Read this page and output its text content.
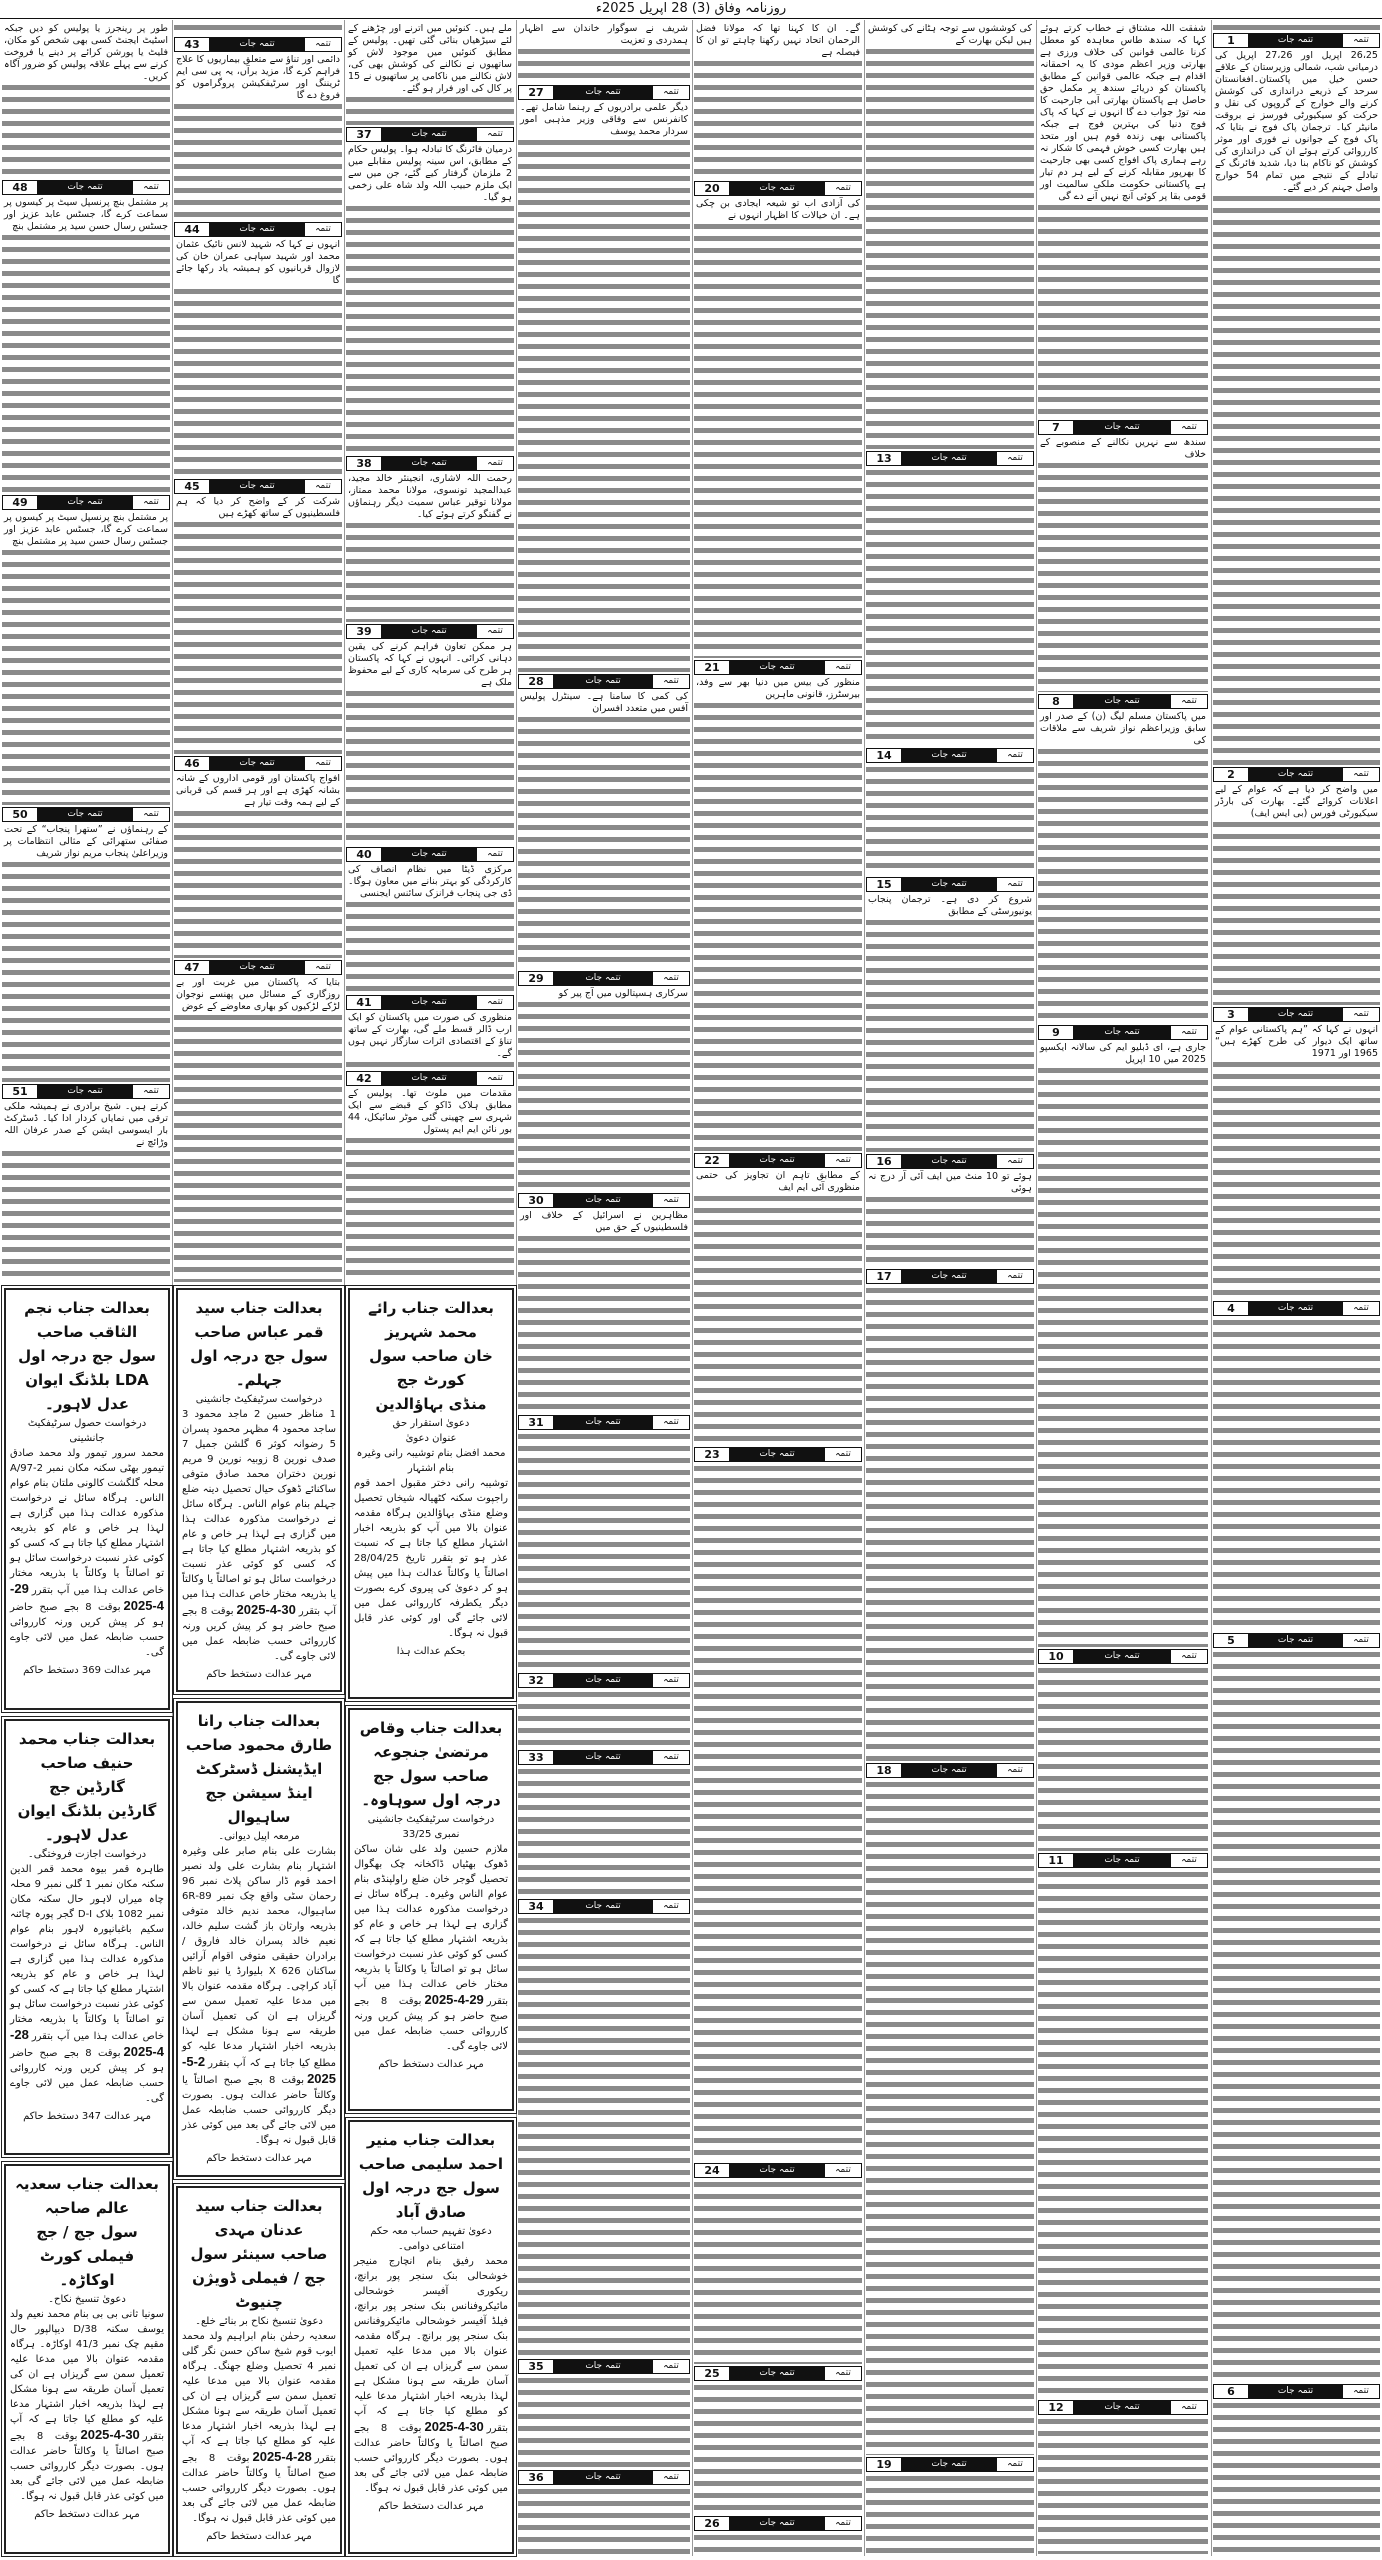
روزنامہ وفاق (3) 28 اپریل 2025ء
1	تتمہ جات	تتمہ
26،25 اپریل اور 27،26 اپریل کی درمیانی شب، شمالی وزیرستان کے علاقے حسن خیل میں پاکستان۔افغانستان سرحد کے ذریعے دراندازی کی کوشش کرنے والے خوارج کے گروپوں کی نقل و حرکت کو سیکیورٹی فورسز نے بروقت مانیٹر کیا۔ ترجمان پاک فوج نے بتایا کہ پاک فوج کے جوانوں نے فوری اور موثر کارروائی کرتے ہوئے ان کی دراندازی کی کوشش کو ناکام بنا دیا، شدید فائرنگ کے تبادلے کے نتیجے میں تمام 54 خوارج واصل جہنم کر دیے گئے۔
2	تتمہ جات	تتمہ
میں واضح کر دیا ہے کہ عوام کے لیے اعلانات کروائے گئے۔ بھارت کی بارڈر سیکیورٹی فورس (بی ایس ایف)
3	تتمہ جات	تتمہ
انہوں نے کہا کہ ”ہم پاکستانی عوام کے ساتھ ایک دیوار کی طرح کھڑے ہیں“ 1965 اور 1971
4	تتمہ جات	تتمہ
5	تتمہ جات	تتمہ
6	تتمہ جات	تتمہ
شفقت اللہ مشتاق نے خطاب کرتے ہوئے کہا کہ سندھ طاس معاہدہ کو معطل کرنا عالمی قوانین کی خلاف ورزی ہے بھارتی وزیر اعظم مودی کا یہ احمقانہ اقدام ہے جبکہ عالمی قوانین کے مطابق پاکستان کو دریائے سندھ پر مکمل حق حاصل ہے پاکستان بھارتی آبی جارحیت کا منہ توڑ جواب دے گا انہوں نے کہا کہ پاک فوج دنیا کی بہترین فوج ہے جبکہ پاکستانی بھی زندہ قوم ہیں اور متحد ہیں بھارت کسی خوش فہمی کا شکار نہ رہے ہماری پاک افواج کسی بھی جارحیت کا بھرپور مقابلہ کرنے کے لیے ہر دم تیار ہے پاکستانی حکومت ملکی سالمیت اور قومی بقا پر کوئی آنچ نہیں آنے دے گی
7	تتمہ جات	تتمہ
سندھ سے نہریں نکالنے کے منصوبے کے خلاف
8	تتمہ جات	تتمہ
میں پاکستان مسلم لیگ (ن) کے صدر اور سابق وزیراعظم نواز شریف سے ملاقات کی
9	تتمہ جات	تتمہ
جاری ہے، ای ڈبلیو ایم کی سالانہ ایکسپو 2025 میں 10 اپریل
10	تتمہ جات	تتمہ
11	تتمہ جات	تتمہ
12	تتمہ جات	تتمہ
کی کوششوں سے توجہ ہٹانے کی کوشش ہیں لیکن بھارت کے
13	تتمہ جات	تتمہ
14	تتمہ جات	تتمہ
15	تتمہ جات	تتمہ
شروع کر دی ہے۔ ترجمان پنجاب یونیورسٹی کے مطابق
16	تتمہ جات	تتمہ
ہوئے تو 10 منٹ میں ایف آئی آر درج نہ ہوئی
17	تتمہ جات	تتمہ
18	تتمہ جات	تتمہ
19	تتمہ جات	تتمہ
گے۔ ان کا کہنا تھا کہ مولانا فضل الرحمان اتحاد نہیں رکھنا چاہتے تو ان کا فیصلہ ہے
20	تتمہ جات	تتمہ
کی آزادی اب تو شیعہ ایجادی بن چکی ہے۔ ان خیالات کا اظہار انہوں نے
21	تتمہ جات	تتمہ
منظور کی بیس میں دنیا بھر سے وفد، بیرسٹرز، قانونی ماہرین
22	تتمہ جات	تتمہ
کے مطابق تاہم ان تجاویز کی حتمی منظوری آئی ایم ایف
23	تتمہ جات	تتمہ
24	تتمہ جات	تتمہ
25	تتمہ جات	تتمہ
26	تتمہ جات	تتمہ
شریف نے سوگوار خاندان سے اظہار ہمدردی و تعزیت
27	تتمہ جات	تتمہ
دیگر علمی برادریوں کے رہنما شامل تھے۔ کانفرنس سے وفاقی وزیر مذہبی امور سردار محمد یوسف
28	تتمہ جات	تتمہ
کی کمی کا سامنا ہے۔ سینٹرل پولیس آفس میں متعدد افسران
29	تتمہ جات	تتمہ
سرکاری ہسپتالوں میں آج پیر کو
30	تتمہ جات	تتمہ
مظاہرین نے اسرائیل کے خلاف اور فلسطینیوں کے حق میں
31	تتمہ جات	تتمہ
32	تتمہ جات	تتمہ
33	تتمہ جات	تتمہ
34	تتمہ جات	تتمہ
35	تتمہ جات	تتمہ
36	تتمہ جات	تتمہ
ملے ہیں۔ کنوئیں میں اترنے اور چڑھنے کے لئے سیڑھیاں بنائی گئی تھیں۔ پولیس کے مطابق کنوئیں میں موجود لاش کو ساتھیوں نے نکالنے کی کوشش بھی کی، لاش نکالنے میں ناکامی پر ساتھیوں نے 15 پر کال کی اور فرار ہو گئے۔
37	تتمہ جات	تتمہ
درمیان فائرنگ کا تبادلہ ہوا۔ پولیس حکام کے مطابق، اس سینہ پولیس مقابلے میں 2 ملزمان گرفتار کیے گئے، جن میں سے ایک ملزم حبیب اللہ ولد شاہ علی زخمی ہو گیا۔
38	تتمہ جات	تتمہ
رحمت اللہ لاشاری، انجینئر خالد مجید، عبدالمجید تونسوی، مولانا محمد ممتاز، مولانا توقیر عباس سمیت دیگر رہنماؤں نے گفتگو کرتے ہوئے کیا۔
39	تتمہ جات	تتمہ
ہر ممکن تعاون فراہم کرنے کی یقین دہانی کرائی۔ انہوں نے کہا کہ پاکستان ہر طرح کی سرمایہ کاری کے لیے محفوظ ملک ہے
40	تتمہ جات	تتمہ
مرکزی ڈیٹا میں نظام انصاف کی کارکردگی کو بہتر بنانے میں معاون ہوگا۔ ڈی جی پنجاب فرانزک سائنس ایجنسی
41	تتمہ جات	تتمہ
منظوری کی صورت میں پاکستان کو ایک ارب ڈالر قسط ملے گی، بھارت کے ساتھ تناؤ کے اقتصادی اثرات سازگار نہیں ہوں گے۔
42	تتمہ جات	تتمہ
مقدمات میں ملوث تھا۔ پولیس کے مطابق ہلاک ڈاکو کے قبضے سے ایک شہری سے چھینی گئی موٹر سائیکل، 44 بور نائن ایم ایم پستول
43	تتمہ جات	تتمہ
دائمی اور تناؤ سے متعلق بیماریوں کا علاج فراہم کرے گا، مزید برآں، یہ پی سی ایم ٹریننگ اور سرٹیفکیشن پروگراموں کو فروغ دے گا
44	تتمہ جات	تتمہ
انہوں نے کہا کہ شہید لانس نائیک عثمان محمد اور شہید سپاہی عمران خان کی لازوال قربانیوں کو ہمیشہ یاد رکھا جائے گا
45	تتمہ جات	تتمہ
شرکت کر کے واضح کر دیا کہ ہم فلسطینیوں کے ساتھ کھڑے ہیں
46	تتمہ جات	تتمہ
افواج پاکستان اور قومی اداروں کے شانہ بشانہ کھڑی ہے اور ہر قسم کی قربانی کے لیے ہمہ وقت تیار ہے
47	تتمہ جات	تتمہ
بتایا کہ پاکستان میں غربت اور بے روزگاری کے مسائل میں پھنسے نوجوان لڑکے لڑکیوں کو بھاری معاوضے کے عوض
طور پر رینجرز یا پولیس کو دیں جبکہ اسٹیٹ ایجنٹ کسی بھی شخص کو مکان، فلیٹ یا پورشن کرائے پر دینے یا فروخت کرنے سے پہلے علاقہ پولیس کو ضرور آگاہ کریں۔
48	تتمہ جات	تتمہ
پر مشتمل بنچ پرنسپل سیٹ پر کیسوں پر سماعت کرے گا، جسٹس عابد عزیز اور جسٹس رسال حسن سید پر مشتمل بنچ
49	تتمہ جات	تتمہ
پر مشتمل بنچ پرنسپل سیٹ پر کیسوں پر سماعت کرے گا، جسٹس عابد عزیز اور جسٹس رسال حسن سید پر مشتمل بنچ
50	تتمہ جات	تتمہ
کے رہنماؤں نے ”ستھرا پنجاب“ کے تحت صفائی ستھرائی کے مثالی انتظامات پر وزیراعلیٰ پنجاب مریم نواز شریف
51	تتمہ جات	تتمہ
کرتے ہیں۔ شیخ برادری نے ہمیشہ ملکی ترقی میں نمایاں کردار ادا کیا۔ ڈسٹرکٹ بار ایسوسی ایشن کے صدر عرفان اللہ وڑائچ نے
بعدالت جناب نجم الثاقب صاحب
سول جج درجہ اول
LDA بلڈنگ ایوان عدل لاہور۔
درخواست حصول سرٹیفکیٹ جانشینی
محمد سرور تیمور ولد محمد صادق تیمور بھٹی سکنہ مکان نمبر 2-97/A محلہ گلگشت کالونی ملتان بنام عوام الناس۔ ہرگاہ سائل نے درخواست مذکورہ عدالت ہذا میں گزاری ہے لہذا ہر خاص و عام کو بذریعہ اشتہار مطلع کیا جاتا ہے کہ کسی کو کوئی عذر نسبت درخواست سائل ہو تو اصالتاً یا وکالتاً یا بذریعہ مختار خاص عدالت ہذا میں آپ بتقرر29-4-2025بوقت 8 بجے صبح حاضر ہو کر پیش کریں ورنہ کارروائی حسب ضابطہ عمل میں لائی جاوے گی۔
مہر عدالت 369 دستخط حاکم
بعدالت جناب محمد حنیف صاحب
گارڈین جج
گارڈین بلڈنگ ایوان عدل لاہور۔
درخواست اجازت فروختگی۔
طاہرہ قمر بیوہ محمد قمر الدین سکنہ مکان نمبر 1 گلی نمبر 9 محلہ چاہ میراں لاہور حال سکنہ مکان نمبر 1082 بلاک D-I گجر پورہ چائنہ سکیم باغبانپورہ لاہور بنام عوام الناس۔ ہرگاہ سائل نے درخواست مذکورہ عدالت ہذا میں گزاری ہے لہذا ہر خاص و عام کو بذریعہ اشتہار مطلع کیا جاتا ہے کہ کسی کو کوئی عذر نسبت درخواست سائل ہو تو اصالتاً یا وکالتاً یا بذریعہ مختار خاص عدالت ہذا میں آپ بتقرر28-4-2025بوقت 8 بجے صبح حاضر ہو کر پیش کریں ورنہ کارروائی حسب ضابطہ عمل میں لائی جاوے گی۔
مہر عدالت 347 دستخط حاکم
بعدالت جناب سعدیہ عالم صاحبہ
سول جج / جج فیملی کورٹ اوکاڑہ۔
دعویٰ تنسیخ نکاح۔
سونیا ثانی بی بی بنام محمد نعیم ولد یوسف سکنہ 38/D دیپالپور حال مقیم چک نمبر 41/3 اوکاڑہ۔ ہرگاہ مقدمہ عنوان بالا میں مدعا علیہ تعمیل سمن سے گریزاں ہے ان کی تعمیل آسان طریقہ سے ہونا مشکل ہے لہذا بذریعہ اخبار اشتہار مدعا علیہ کو مطلع کیا جاتا ہے کہ آپ بتقرر30-4-2025بوقت 8 بجے صبح اصالتاً یا وکالتاً حاضر عدالت ہوں۔ بصورت دیگر کارروائی حسب ضابطہ عمل میں لائی جائے گی بعد میں کوئی عذر قابل قبول نہ ہوگا۔
مہر عدالت دستخط حاکم
بعدالت جناب سید قمر عباس صاحب
سول جج درجہ اول جہلم۔
درخواست سرٹیفکیٹ جانشینی
1 مناظر حسین 2 ماجد محمود 3 ساجد محمود 4 مظہر محمود پسران 5 رضوانہ کوثر 6 گلشن جمیل 7 صدف نورین 8 زوبیہ نورین 9 مریم نورین دختران محمد صادق متوفی ساکنائے ڈھوک حیال تحصیل دینہ ضلع جہلم بنام عوام الناس۔ ہرگاہ سائل نے درخواست مذکورہ عدالت ہذا میں گزاری ہے لہذا ہر خاص و عام کو بذریعہ اشتہار مطلع کیا جاتا ہے کہ کسی کو کوئی عذر نسبت درخواست سائل ہو تو اصالتاً یا وکالتاً یا بذریعہ مختار خاص عدالت ہذا میں آپ بتقرر30-4-2025بوقت 8 بجے صبح حاضر ہو کر پیش کریں ورنہ کارروائی حسب ضابطہ عمل میں لائی جاوے گی۔
مہر عدالت دستخط حاکم
بعدالت جناب رانا طارق محمود صاحب
ایڈیشنل ڈسٹرکٹ اینڈ سیشن جج
ساہیوال
مرمعہ اپیل دیوانی۔
بشارت علی بنام صابر علی وغیرہ اشتہار بنام بشارت علی ولد نصیر احمد قوم ڈار ساکن پلاٹ نمبر 96 رحمان سٹی واقع چک نمبر 89-6R ساہیوال، محمد ندیم خالد متوفی بذریعہ وارثان باز گشت سلیم خالد، نعیم خالد پسران خالد فاروق / برادران حقیقی متوفی اقوام آرائیں ساکنان X 626 بلیوارڈ یا نیو ناظم آباد کراچی۔ ہرگاہ مقدمہ عنوان بالا میں مدعا علیہ تعمیل سمن سے گریزاں ہے ان کی تعمیل آسان طریقہ سے ہونا مشکل ہے لہذا بذریعہ اخبار اشتہار مدعا علیہ کو مطلع کیا جاتا ہے کہ آپ بتقرر2-5-2025بوقت 8 بجے صبح اصالتاً یا وکالتاً حاضر عدالت ہوں۔ بصورت دیگر کارروائی حسب ضابطہ عمل میں لائی جائے گی بعد میں کوئی عذر قابل قبول نہ ہوگا۔
مہر عدالت دستخط حاکم
بعدالت جناب سید عدنان مہدی
صاحب سینئر سول جج / فیملی ڈویژن
چنیوٹ
دعویٰ تنسیخ نکاح بر بنائے خلع۔
سعدیہ رحمٰن بنام ابراہیم ولد محمد ایوب قوم شیخ ساکن حسن نگر گلی نمبر 4 تحصیل وضلع جھنگ۔ ہرگاہ مقدمہ عنوان بالا میں مدعا علیہ تعمیل سمن سے گریزاں ہے ان کی تعمیل آسان طریقہ سے ہونا مشکل ہے لہذا بذریعہ اخبار اشتہار مدعا علیہ کو مطلع کیا جاتا ہے کہ آپ بتقرر28-4-2025بوقت 8 بجے صبح اصالتاً یا وکالتاً حاضر عدالت ہوں۔ بصورت دیگر کارروائی حسب ضابطہ عمل میں لائی جائے گی بعد میں کوئی عذر قابل قبول نہ ہوگا۔
مہر عدالت دستخط حاکم
بعدالت جناب رائے محمد شہریز
خان صاحب سول کورٹ جج
منڈی بہاؤالدین
دعویٰ استقرار حق
عنوان دعویٰ
محمد افضل بنام توشیبہ رانی وغیرہ
بنام اشتہار
توشیبہ رانی دختر مقبول احمد قوم راجپوت سکنہ کٹھیالہ شیخاں تحصیل وضلع منڈی بہاؤالدین ہرگاہ مقدمہ عنوان بالا میں آپ کو بذریعہ اخبار اشتہار مطلع کیا جاتا ہے کہ نسبت عذر ہو تو بتقرر تاریخ 28/04/25 اصالتاً یا وکالتاً عدالت ہذا میں پیش ہو کر دعویٰ کی پیروی کرے بصورت دیگر یکطرفہ کارروائی عمل میں لائی جائے گی اور کوئی عذر قابل قبول نہ ہوگا۔
بحکم عدالت ہذا
بعدالت جناب وقاص مرتضیٰ جنجوعہ
صاحب سول جج درجہ اول سوہاوہ۔
درخواست سرٹیفکیٹ جانشینی نمبری 33/25
ملازم حسین ولد علی شان ساکن ڈھوک بھٹیاں ڈاکخانہ چک بھگوال تحصیل گوجر خان ضلع راولپنڈی بنام عوام الناس وغیرہ۔ ہرگاہ سائل نے درخواست مذکورہ عدالت ہذا میں گزاری ہے لہذا ہر خاص و عام کو بذریعہ اشتہار مطلع کیا جاتا ہے کہ کسی کو کوئی عذر نسبت درخواست سائل ہو تو اصالتاً یا وکالتاً یا بذریعہ مختار خاص عدالت ہذا میں آپ بتقرر29-4-2025بوقت 8 بجے صبح حاضر ہو کر پیش کریں ورنہ کارروائی حسب ضابطہ عمل میں لائی جاوے گی۔
مہر عدالت دستخط حاکم
بعدالت جناب منیر احمد سلیمی صاحب
سول جج درجہ اول صادق آباد
دعویٰ تفہیم حساب معہ حکم امتناعی دوامی۔
محمد رفیق بنام انچارج منیجر خوشحالی بنک سنجر پور برانچ، ریکوری آفیسر خوشحالی مائیکروفنانس بنک سنجر پور برانچ، فیلڈ آفیسر خوشحالی مائیکروفنانس بنک سنجر پور برانچ۔ ہرگاہ مقدمہ عنوان بالا میں مدعا علیہ تعمیل سمن سے گریزاں ہے ان کی تعمیل آسان طریقہ سے ہونا مشکل ہے لہذا بذریعہ اخبار اشتہار مدعا علیہ کو مطلع کیا جاتا ہے کہ آپ بتقرر30-4-2025بوقت 8 بجے صبح اصالتاً یا وکالتاً حاضر عدالت ہوں۔ بصورت دیگر کارروائی حسب ضابطہ عمل میں لائی جائے گی بعد میں کوئی عذر قابل قبول نہ ہوگا۔
مہر عدالت دستخط حاکم
